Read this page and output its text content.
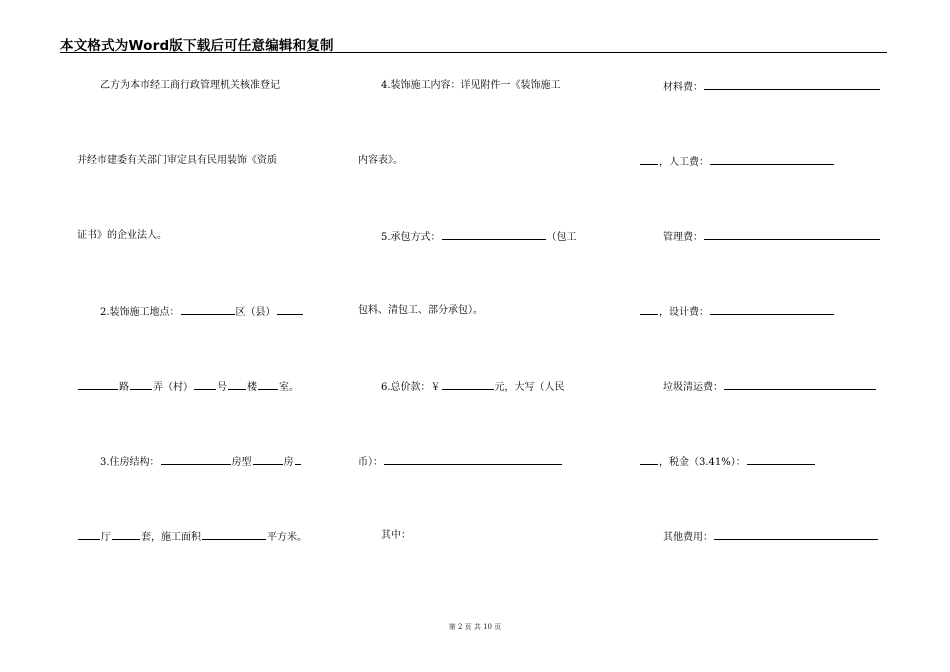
本文格式为Word版下载后可任意编辑和复制
乙方为本市经工商行政管理机关核准登记
并经市建委有关部门审定具有民用装饰《资质
证书》的企业法人。
2.装饰施工地点：	区（县）
路 弄（村） 号 楼 室。
3.住房结构：	房型	房
厅	套，施工面积	平方米。
4.装饰施工内容：详见附件一《装饰施工
内容表》。
5.承包方式：	（包工
包料、清包工、部分承包）。
6.总价款：￥	元，大写（人民
币）：
其中：
材料费：
，人工费：
管理费：
，设计费：
垃圾清运费：
，税金（3.41%）：
其他费用：
第 2 页 共 10 页
